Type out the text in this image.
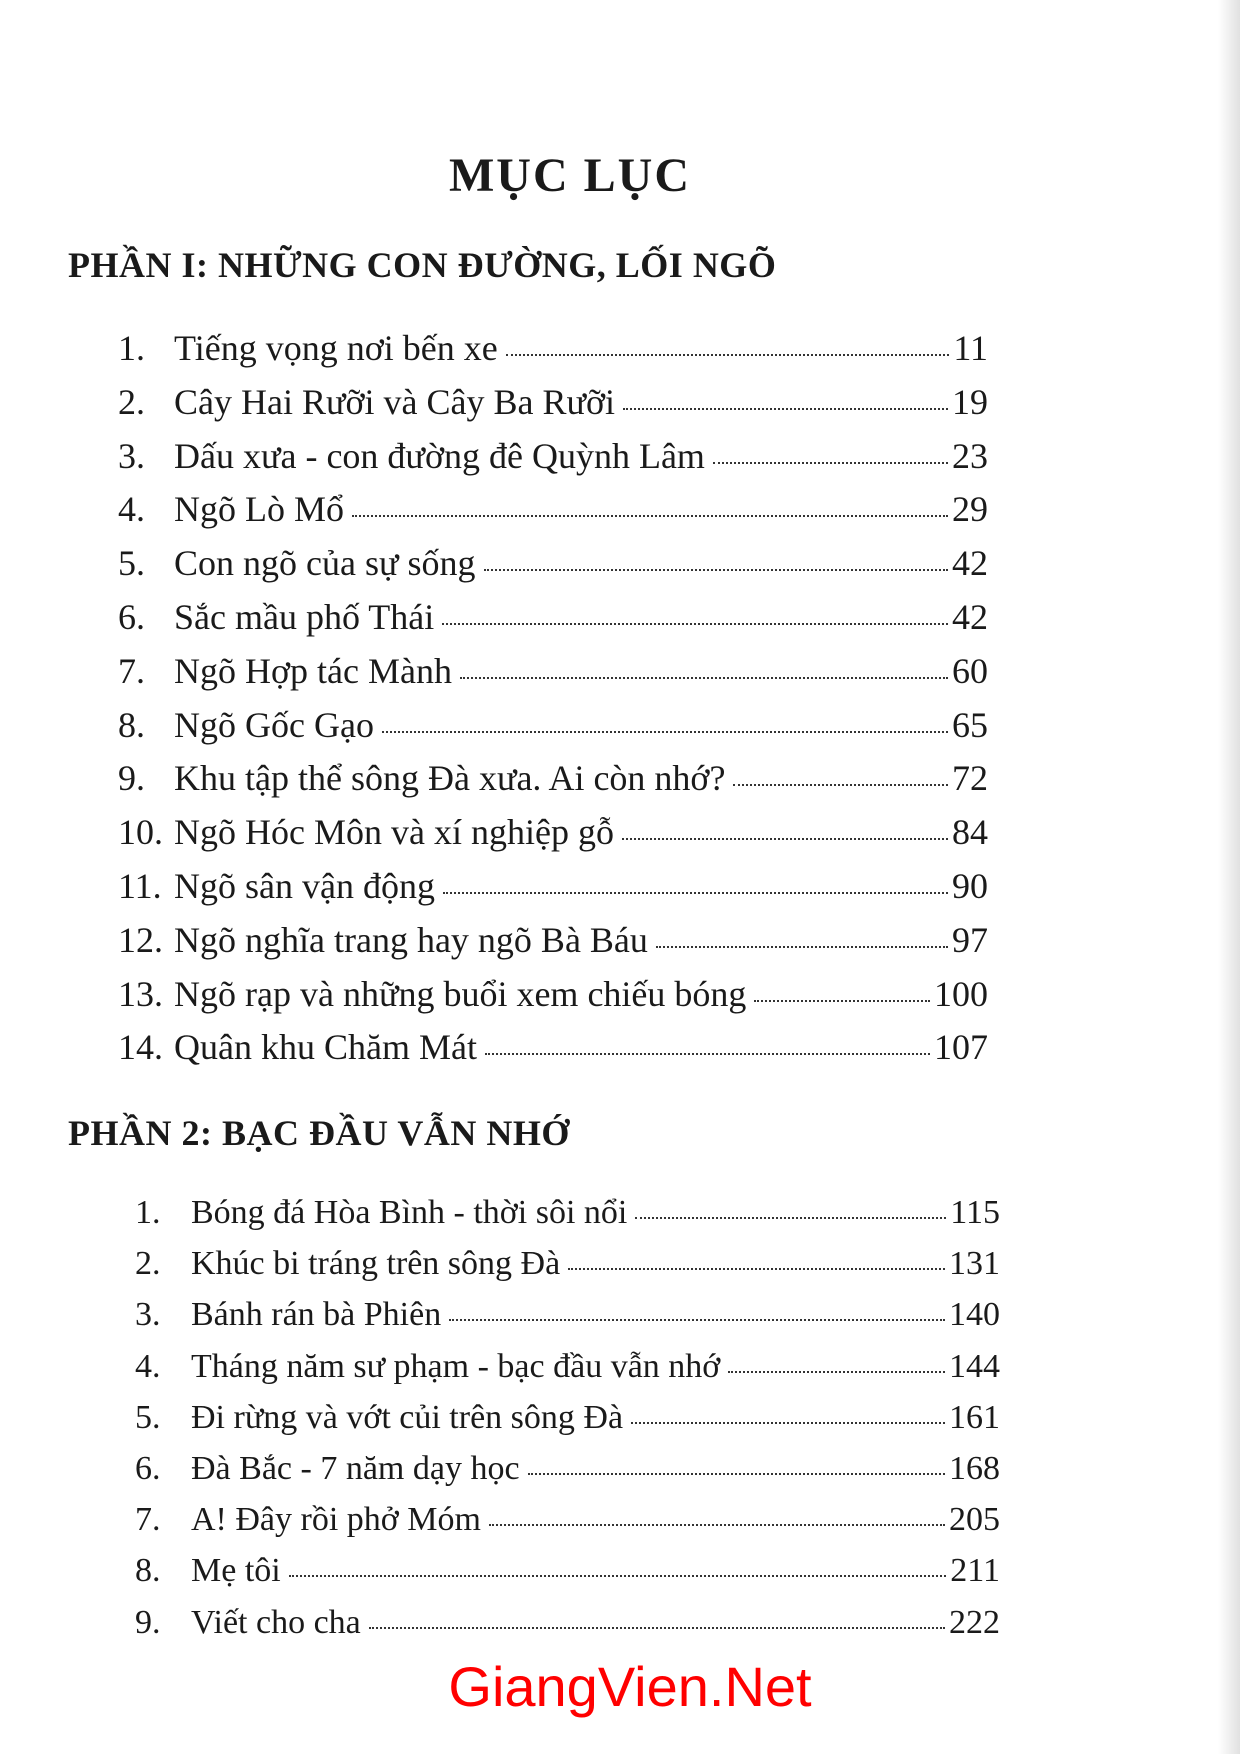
MỤC LỤC
PHẦN I: NHỮNG CON ĐƯỜNG, LỐI NGÕ
1. Tiếng vọng nơi bến xe	11
2. Cây Hai Rưỡi và Cây Ba Rưỡi	19
3. Dấu xưa - con đường đê Quỳnh Lâm	23
4. Ngõ Lò Mổ	29
5. Con ngõ của sự sống	42
6. Sắc mầu phố Thái	42
7. Ngõ Hợp tác Mành	60
8. Ngõ Gốc Gạo	65
9. Khu tập thể sông Đà xưa. Ai còn nhớ?	72
10. Ngõ Hóc Môn và xí nghiệp gỗ	84
11. Ngõ sân vận động	90
12. Ngõ nghĩa trang hay ngõ Bà Báu	97
13. Ngõ rạp và những buổi xem chiếu bóng	100
14. Quân khu Chăm Mát	107
PHẦN 2: BẠC ĐẦU VẪN NHỚ
1. Bóng đá Hòa Bình - thời sôi nổi	115
2. Khúc bi tráng trên sông Đà	131
3. Bánh rán bà Phiên	140
4. Tháng năm sư phạm - bạc đầu vẫn nhớ	144
5. Đi rừng và vớt củi trên sông Đà	161
6. Đà Bắc - 7 năm dạy học	168
7. A! Đây rồi phở Móm	205
8. Mẹ tôi	211
9. Viết cho cha	222
GiangVien.Net
